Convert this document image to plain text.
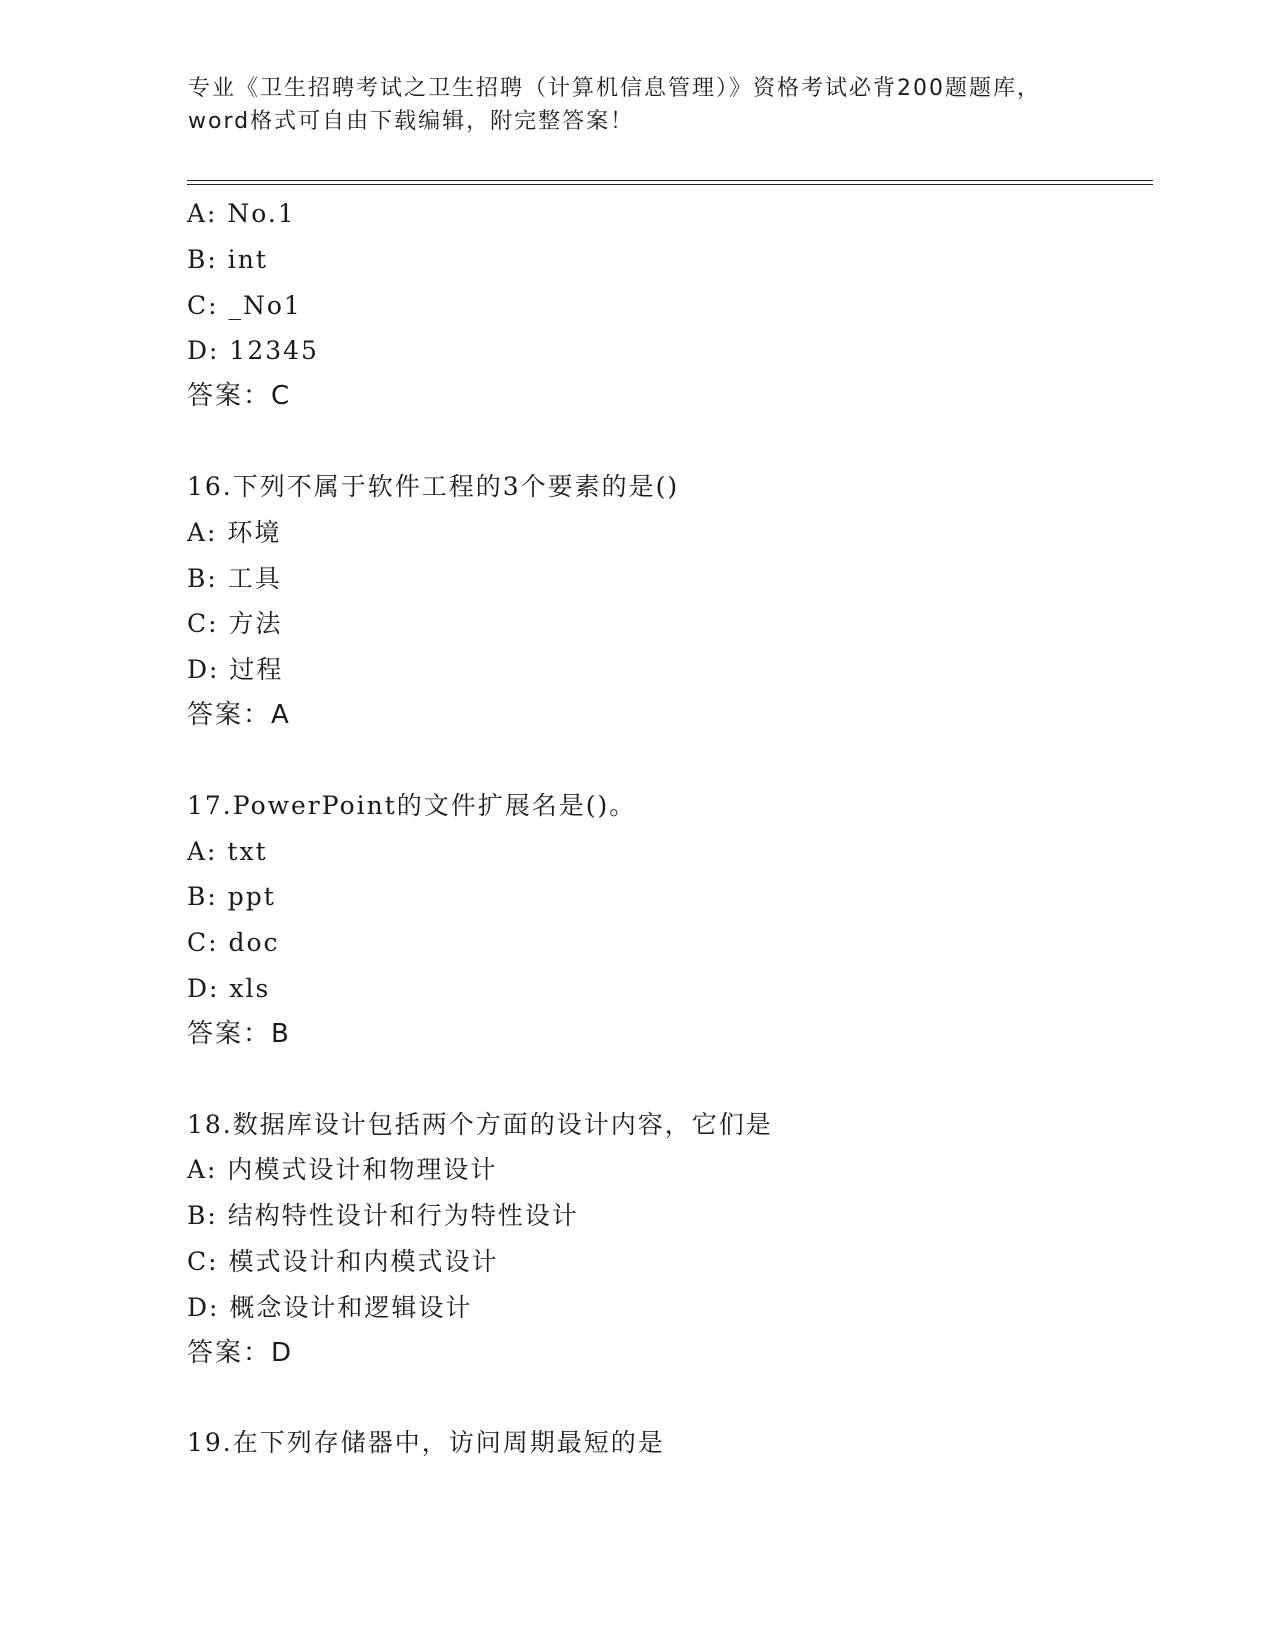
专业《卫生招聘考试之卫生招聘（计算机信息管理）》资格考试必背200题题库，
word格式可自由下载编辑，附完整答案！
A: No.1
B: int
C: _No1
D: 12345
答案：C
16.下列不属于软件工程的3个要素的是()
A: 环境
B: 工具
C: 方法
D: 过程
答案：A
17.PowerPoint的文件扩展名是()。
A: txt
B: ppt
C: doc
D: xls
答案：B
18.数据库设计包括两个方面的设计内容，它们是
A: 内模式设计和物理设计
B: 结构特性设计和行为特性设计
C: 模式设计和内模式设计
D: 概念设计和逻辑设计
答案：D
19.在下列存储器中，访问周期最短的是
